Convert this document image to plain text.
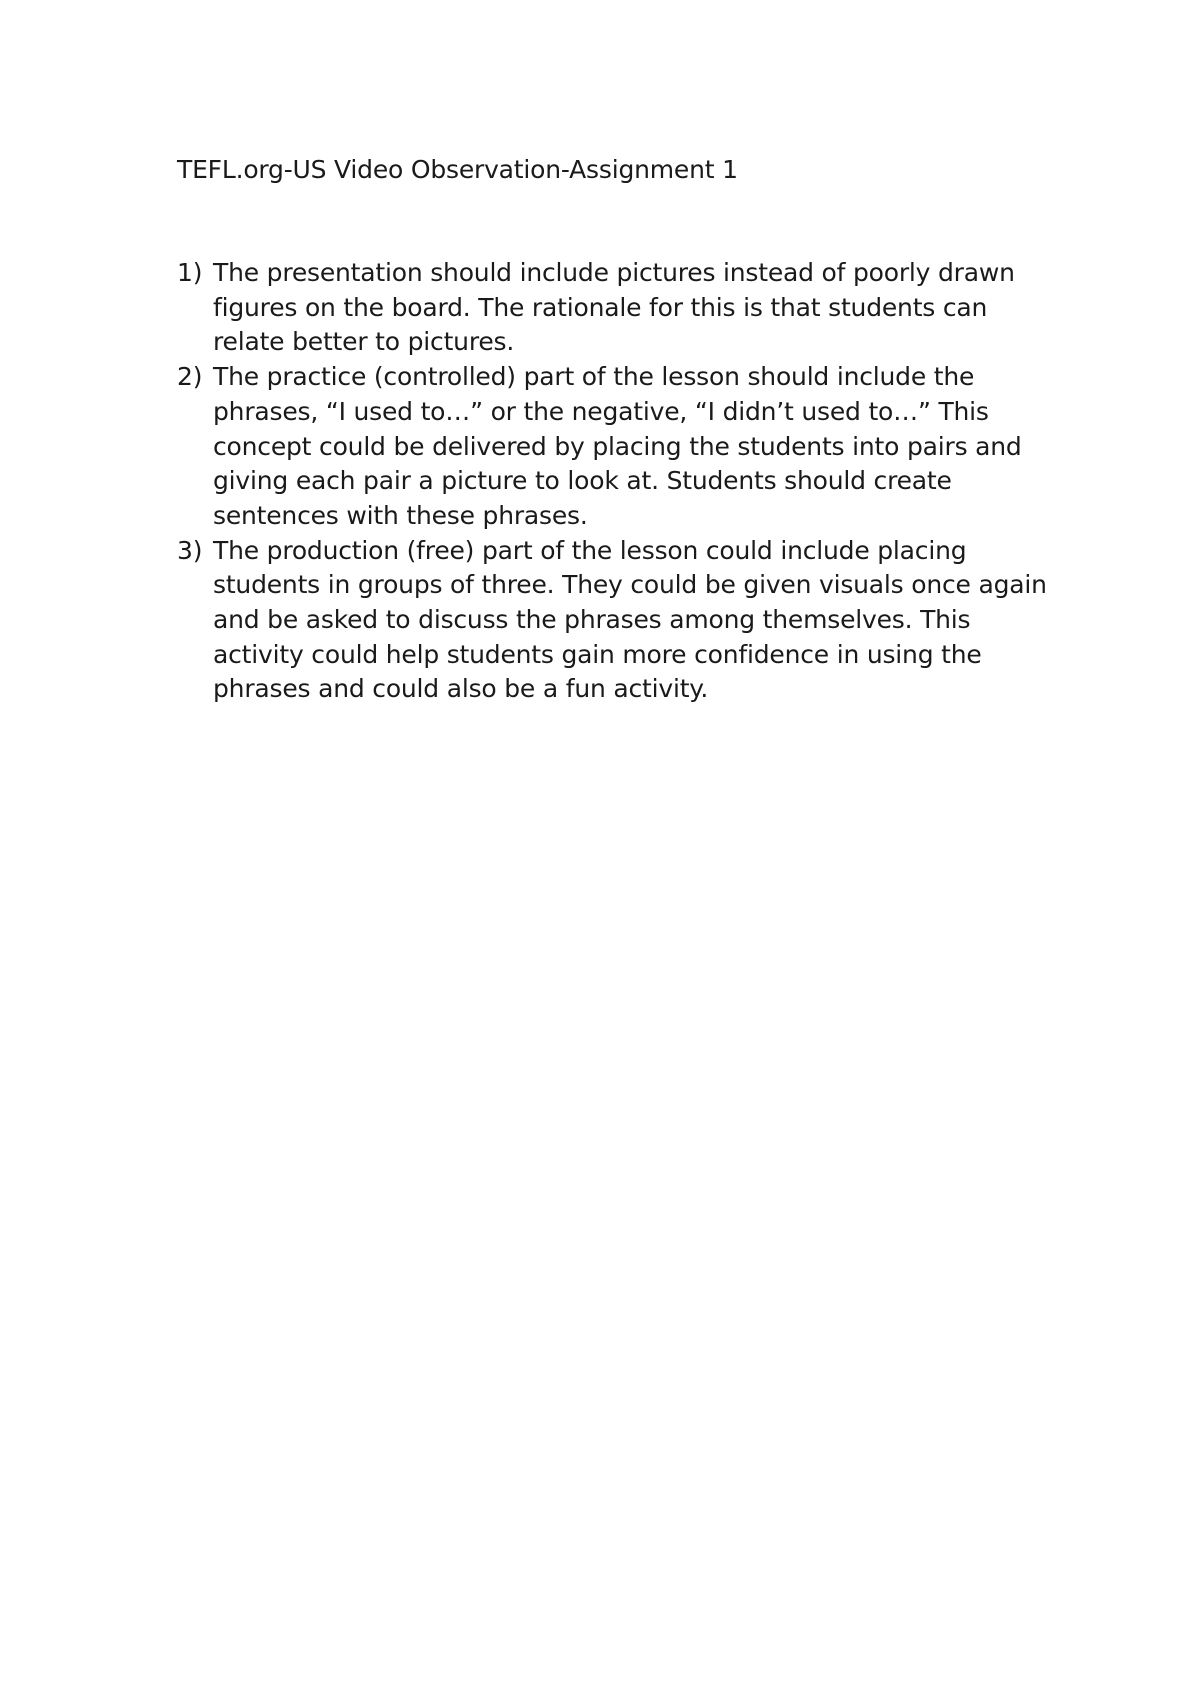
TEFL.org-US Video Observation-Assignment 1
1) The presentation should include pictures instead of poorly drawn figures on the board. The rationale for this is that students can relate better to pictures.
2) The practice (controlled) part of the lesson should include the phrases, “I used to…” or the negative, “I didn’t used to…” This concept could be delivered by placing the students into pairs and giving each pair a picture to look at. Students should create sentences with these phrases.
3) The production (free) part of the lesson could include placing students in groups of three. They could be given visuals once again and be asked to discuss the phrases among themselves. This activity could help students gain more confidence in using the phrases and could also be a fun activity.
